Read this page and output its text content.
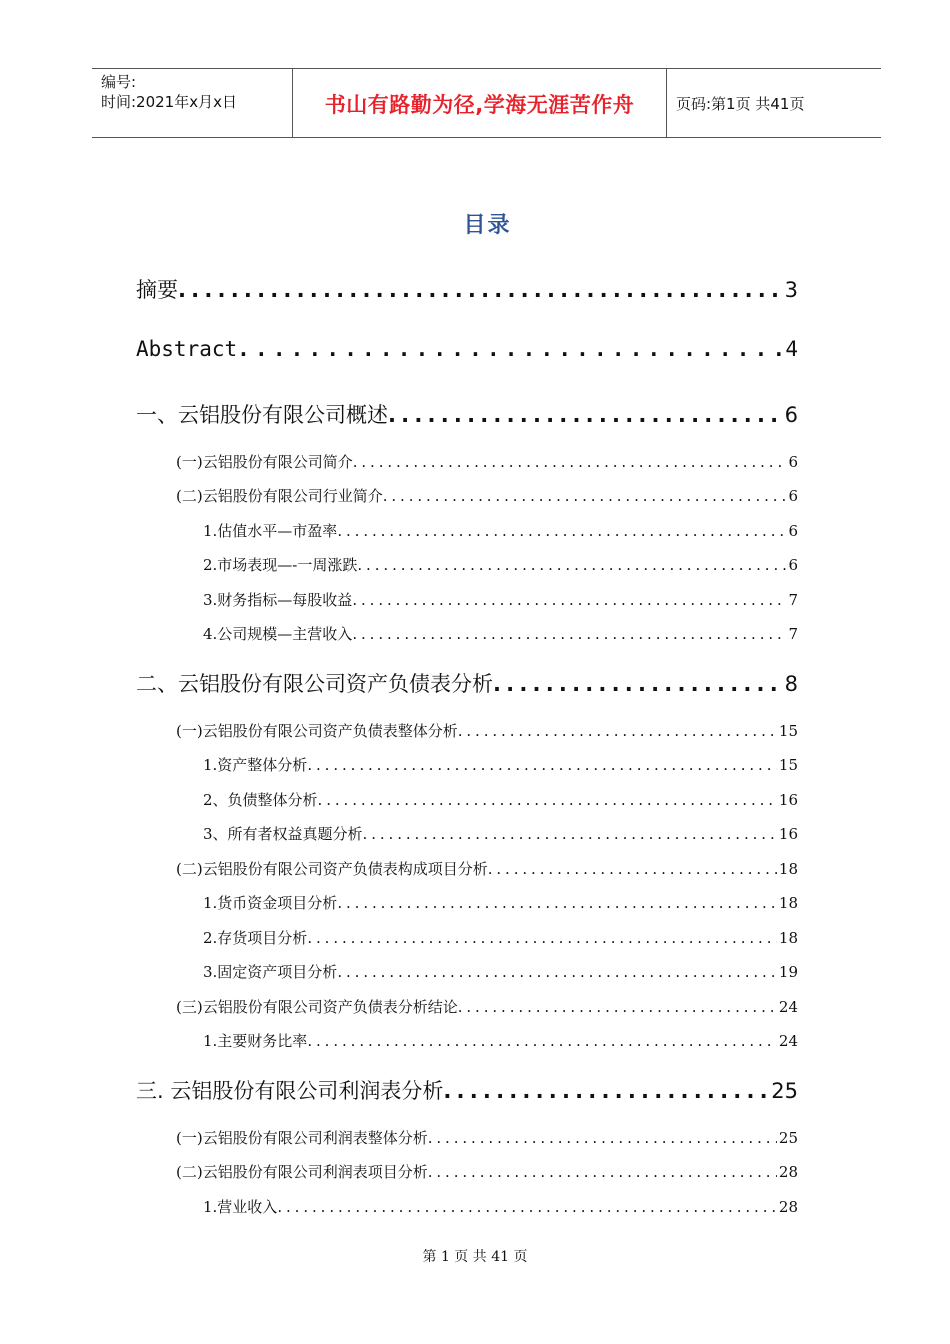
编号:
时间:2021年x月x日	书山有路勤为径,学海无涯苦作舟	页码:第1页 共41页
目录
摘要 .....	3
Abstract .....	4
一、云铝股份有限公司概述 .....	6
(一)云铝股份有限公司简介 .....	6
(二)云铝股份有限公司行业简介 .....	6
1.估值水平—市盈率 .....	6
2.市场表现—-一周涨跌 .....	6
3.财务指标—每股收益 .....	7
4.公司规模—主营收入 .....	7
二、云铝股份有限公司资产负债表分析 .....	8
(一)云铝股份有限公司资产负债表整体分析 .....	15
1.资产整体分析 .....	15
2、负债整体分析 .....	16
3、所有者权益真题分析 .....	16
(二)云铝股份有限公司资产负债表构成项目分析 .....	18
1.货币资金项目分析 .....	18
2.存货项目分析 .....	18
3.固定资产项目分析 .....	19
(三)云铝股份有限公司资产负债表分析结论 .....	24
1.主要财务比率 .....	24
三. 云铝股份有限公司利润表分析 .....	25
(一)云铝股份有限公司利润表整体分析 .....	25
(二)云铝股份有限公司利润表项目分析 .....	28
1.营业收入 .....	28
第 1 页 共 41 页
